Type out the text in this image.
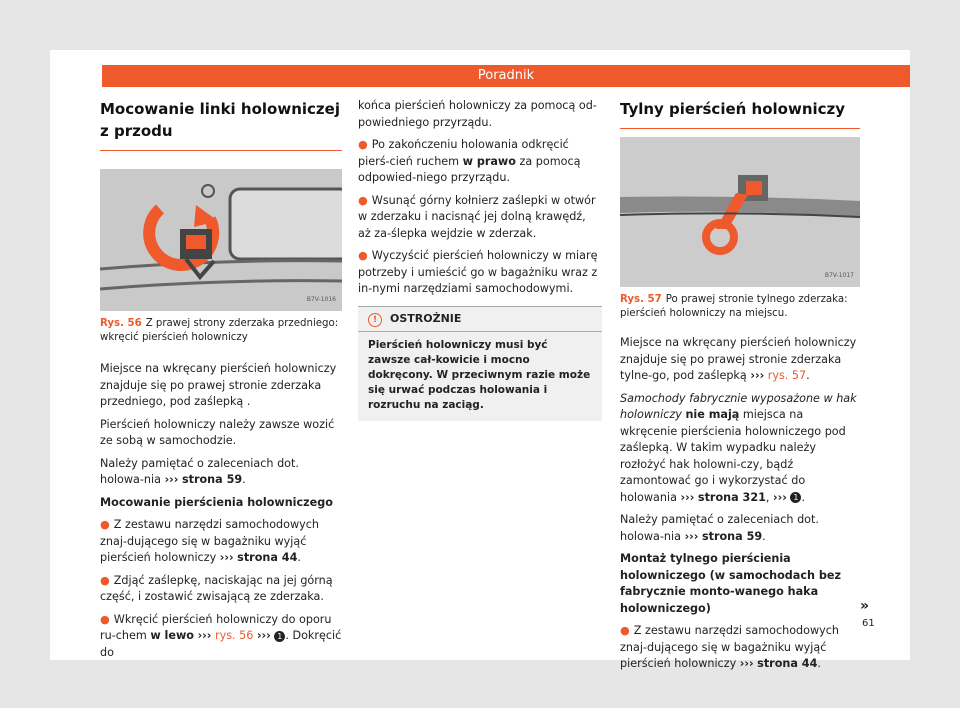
Poradnik
Mocowanie linki holowniczej z przodu
B7V-1016
Rys. 56 Z prawej strony zderzaka przedniego: wkręcić pierścień holowniczy

Miejsce na wkręcany pierścień holowniczy znajduje się po prawej stronie zderzaka przedniego, pod zaślepką .

Pierścień holowniczy należy zawsze wozić ze sobą w samochodzie.

Należy pamiętać o zaleceniach dot. holowa-nia ››› strona 59.

Mocowanie pierścienia holowniczego

● Z zestawu narzędzi samochodowych znaj-dującego się w bagażniku wyjąć pierścień holowniczy ››› strona 44.

● Zdjąć zaślepkę, naciskając na jej górną część, i zostawić zwisającą ze zderzaka.

● Wkręcić pierścień holowniczy do oporu ru-chem w lewo ››› rys. 56 ››› 1 . Dokręcić do

końca pierścień holowniczy za pomocą od-powiedniego przyrządu.

● Po zakończeniu holowania odkręcić pierś-cień ruchem w prawo za pomocą odpowied-niego przyrządu.

● Wsunąć górny kołnierz zaślepki w otwór w zderzaku i nacisnąć jej dolną krawędź, aż za-ślepka wejdzie w zderzak.

● Wyczyścić pierścień holowniczy w miarę potrzeby i umieścić go w bagażniku wraz z in-nymi narzędziami samochodowymi.

! OSTROŻNIE
Pierścień holowniczy musi być zawsze cał-kowicie i mocno dokręcony. W przeciwnym razie może się urwać podczas holowania i rozruchu na zaciąg.
Tylny pierścień holowniczy
B7V-1017
Rys. 57 Po prawej stronie tylnego zderzaka: pierścień holowniczy na miejscu.

Miejsce na wkręcany pierścień holowniczy znajduje się po prawej stronie zderzaka tylne-go, pod zaślepką ››› rys. 57.

Samochody fabrycznie wyposażone w hak holowniczy nie mają miejsca na wkręcenie pierścienia holowniczego pod zaślepką. W takim wypadku należy rozłożyć hak holowni-czy, bądź zamontować go i wykorzystać do holowania ››› strona 321, ››› 1 .

Należy pamiętać o zaleceniach dot. holowa-nia ››› strona 59.

Montaż tylnego pierścienia holowniczego (w samochodach bez fabrycznie monto-wanego haka holowniczego)

● Z zestawu narzędzi samochodowych znaj-dującego się w bagażniku wyjąć pierścień holowniczy ››› strona 44.

»
61
